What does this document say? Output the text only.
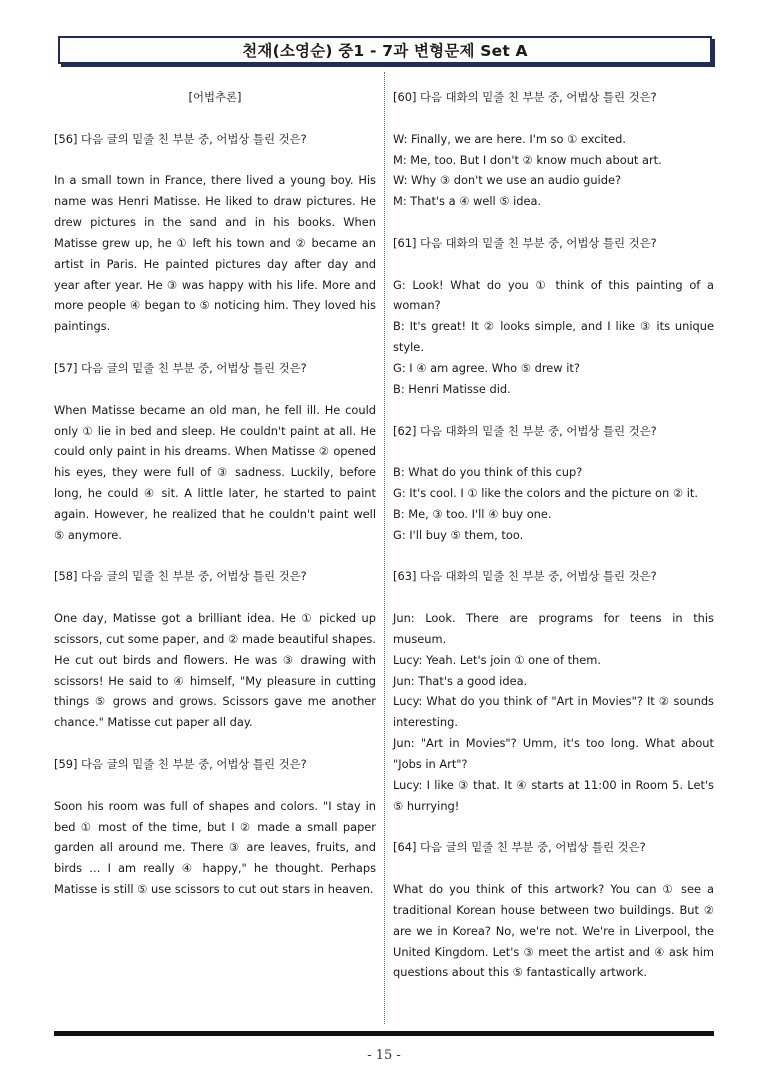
천재(소영순) 중1 - 7과 변형문제 Set A

[어법추론]

[56] 다음 글의 밑줄 친 부분 중, 어법상 틀린 것은?

In a small town in France, there lived a young boy. His name was Henri Matisse. He liked to draw pictures. He drew pictures in the sand and in his books. When Matisse grew up, he ① left his town and ② became an artist in Paris. He painted pictures day after day and year after year. He ③ was happy with his life. More and more people ④ began to ⑤ noticing him. They loved his paintings.

[57] 다음 글의 밑줄 친 부분 중, 어법상 틀린 것은?

When Matisse became an old man, he fell ill. He could only ① lie in bed and sleep. He couldn't paint at all. He could only paint in his dreams. When Matisse ② opened his eyes, they were full of ③ sadness. Luckily, before long, he could ④ sit. A little later, he started to paint again. However, he realized that he couldn't paint well ⑤ anymore.

[58] 다음 글의 밑줄 친 부분 중, 어법상 틀린 것은?

One day, Matisse got a brilliant idea. He ① picked up scissors, cut some paper, and ② made beautiful shapes. He cut out birds and flowers. He was ③ drawing with scissors! He said to ④ himself, "My pleasure in cutting things ⑤ grows and grows. Scissors gave me another chance." Matisse cut paper all day.

[59] 다음 글의 밑줄 친 부분 중, 어법상 틀린 것은?

Soon his room was full of shapes and colors. "I stay in bed ① most of the time, but I ② made a small paper garden all around me. There ③ are leaves, fruits, and birds … I am really ④ happy," he thought. Perhaps Matisse is still ⑤ use scissors to cut out stars in heaven.

[60] 다음 대화의 밑줄 친 부분 중, 어법상 틀린 것은?

W: Finally, we are here. I'm so ① excited.

M: Me, too. But I don't ② know much about art.

W: Why ③ don't we use an audio guide?

M: That's a ④ well ⑤ idea.

[61] 다음 대화의 밑줄 친 부분 중, 어법상 틀린 것은?

G: Look! What do you ① think of this painting of a woman?

B: It's great! It ② looks simple, and I like ③ its unique style.

G: I ④ am agree. Who ⑤ drew it?

B: Henri Matisse did.

[62] 다음 대화의 밑줄 친 부분 중, 어법상 틀린 것은?

B: What do you think of this cup?

G: It's cool. I ① like the colors and the picture on ② it.

B: Me, ③ too. I'll ④ buy one.

G: I'll buy ⑤ them, too.

[63] 다음 대화의 밑줄 친 부분 중, 어법상 틀린 것은?

Jun: Look. There are programs for teens in this museum.

Lucy: Yeah. Let's join ① one of them.

Jun: That's a good idea.

Lucy: What do you think of "Art in Movies"? It ② sounds interesting.

Jun: "Art in Movies"? Umm, it's too long. What about "Jobs in Art"?

Lucy: I like ③ that. It ④ starts at 11:00 in Room 5. Let's ⑤ hurrying!

[64] 다음 글의 밑줄 친 부분 중, 어법상 틀린 것은?

What do you think of this artwork? You can ① see a traditional Korean house between two buildings. But ② are we in Korea? No, we're not. We're in Liverpool, the United Kingdom. Let's ③ meet the artist and ④ ask him questions about this ⑤ fantastically artwork.

- 15 -
